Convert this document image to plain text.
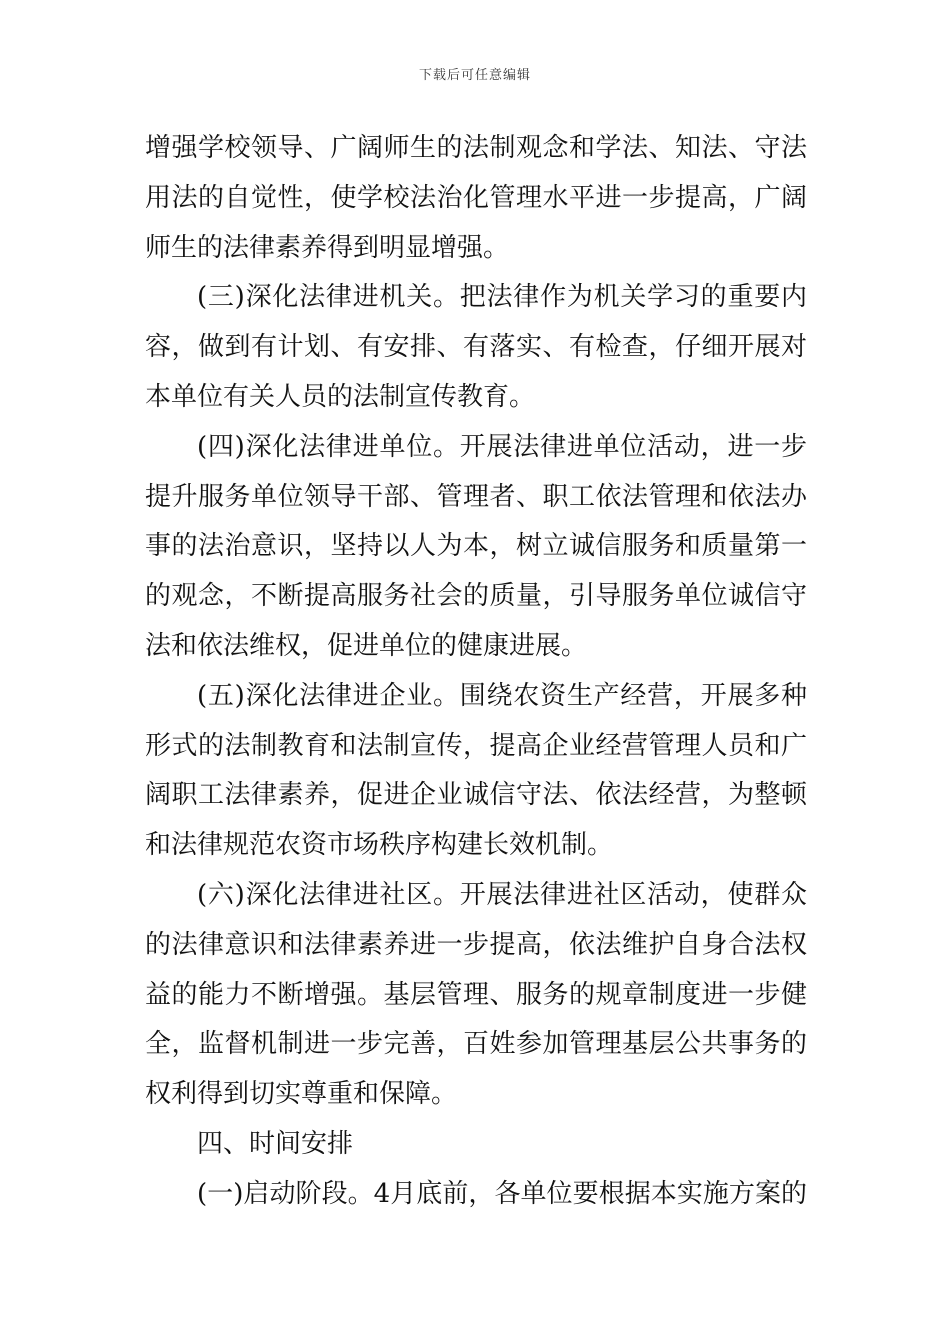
下载后可任意编辑
增强学校领导、广阔师生的法制观念和学法、知法、守法
用法的自觉性，使学校法治化管理水平进一步提高，广阔
师生的法律素养得到明显增强。
(三)深化法律进机关。把法律作为机关学习的重要内
容，做到有计划、有安排、有落实、有检查，仔细开展对
本单位有关人员的法制宣传教育。
(四)深化法律进单位。开展法律进单位活动，进一步
提升服务单位领导干部、管理者、职工依法管理和依法办
事的法治意识，坚持以人为本，树立诚信服务和质量第一
的观念，不断提高服务社会的质量，引导服务单位诚信守
法和依法维权，促进单位的健康进展。
(五)深化法律进企业。围绕农资生产经营，开展多种
形式的法制教育和法制宣传，提高企业经营管理人员和广
阔职工法律素养，促进企业诚信守法、依法经营，为整顿
和法律规范农资市场秩序构建长效机制。
(六)深化法律进社区。开展法律进社区活动，使群众
的法律意识和法律素养进一步提高，依法维护自身合法权
益的能力不断增强。基层管理、服务的规章制度进一步健
全，监督机制进一步完善，百姓参加管理基层公共事务的
权利得到切实尊重和保障。
四、时间安排
(一)启动阶段。4月底前，各单位要根据本实施方案的
